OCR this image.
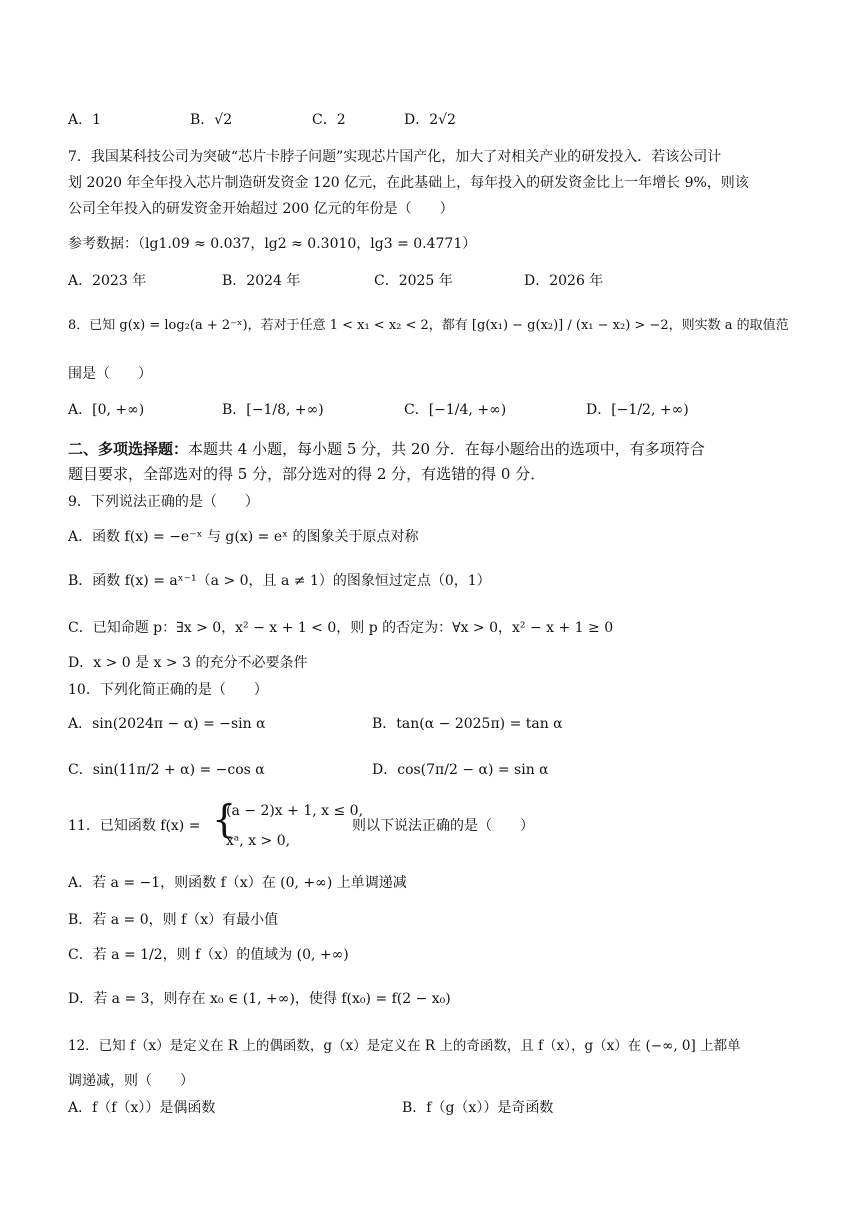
A．1	B．√2	C．2	D．2√2
7．我国某科技公司为突破“芯片卡脖子问题”实现芯片国产化，加大了对相关产业的研发投入．若该公司计
划 2020 年全年投入芯片制造研发资金 120 亿元，在此基础上，每年投入的研发资金比上一年增长 9%，则该
公司全年投入的研发资金开始超过 200 亿元的年份是（　　）
参考数据：（lg1.09 ≈ 0.037，lg2 ≈ 0.3010，lg3 = 0.4771）
A．2023 年	B．2024 年	C．2025 年	D．2026 年
8．已知 g(x) = log₂(a + 2⁻ˣ)，若对于任意 1 < x₁ < x₂ < 2，都有 [g(x₁) − g(x₂)] / (x₁ − x₂) > −2，则实数 a 的取值范
围是（　　）
A．[0, +∞)	B．[−1/8, +∞)	C．[−1/4, +∞)	D．[−1/2, +∞)
二、多项选择题：本题共 4 小题，每小题 5 分，共 20 分．在每小题给出的选项中，有多项符合
题目要求，全部选对的得 5 分，部分选对的得 2 分，有选错的得 0 分．
9．下列说法正确的是（　　）
A．函数 f(x) = −e⁻ˣ 与 g(x) = eˣ 的图象关于原点对称
B．函数 f(x) = aˣ⁻¹（a > 0，且 a ≠ 1）的图象恒过定点（0，1）
C．已知命题 p：∃x > 0，x² − x + 1 < 0，则 p 的否定为：∀x > 0，x² − x + 1 ≥ 0
D．x > 0 是 x > 3 的充分不必要条件
10．下列化简正确的是（　　）
A．sin(2024π − α) = −sin α	B．tan(α − 2025π) = tan α
C．sin(11π/2 + α) = −cos α	D．cos(7π/2 − α) = sin α
11．已知函数 f(x) = {
(a − 2)x + 1, x ≤ 0,
xᵃ, x > 0,
则以下说法正确的是（　　）
A．若 a = −1，则函数 f（x）在 (0, +∞) 上单调递减
B．若 a = 0，则 f（x）有最小值
C．若 a = 1/2，则 f（x）的值域为 (0, +∞)
D．若 a = 3，则存在 x₀ ∈ (1, +∞)，使得 f(x₀) = f(2 − x₀)
12．已知 f（x）是定义在 R 上的偶函数，g（x）是定义在 R 上的奇函数，且 f（x），g（x）在 (−∞, 0] 上都单
调递减，则（　　）
A．f（f（x））是偶函数	B．f（g（x））是奇函数
